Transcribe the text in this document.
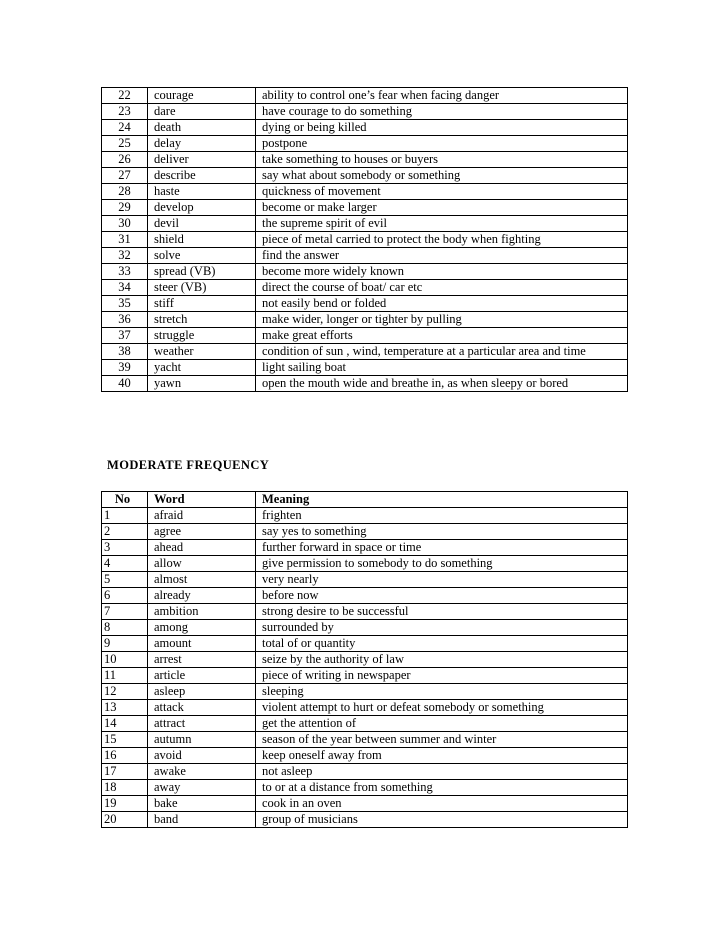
22	courage	ability to control one’s fear when facing danger
23	dare	have courage to do something
24	death	dying or being killed
25	delay	postpone
26	deliver	take something to houses or buyers
27	describe	say what about somebody or something
28	haste	quickness of movement
29	develop	become or make larger
30	devil	the supreme spirit of evil
31	shield	piece of metal carried to protect the body when fighting
32	solve	find the answer
33	spread (VB)	become more widely known
34	steer (VB)	direct the course of boat/ car etc
35	stiff	not easily bend or folded
36	stretch	make wider, longer or tighter by pulling
37	struggle	make great efforts
38	weather	condition of sun , wind, temperature at a particular area and time
39	yacht	light sailing boat
40	yawn	open the mouth wide and breathe in, as when sleepy or bored
MODERATE FREQUENCY
No	Word	Meaning
1	afraid	frighten
2	agree	say yes to something
3	ahead	further forward in space or time
4	allow	give permission to somebody to do something
5	almost	very nearly
6	already	before now
7	ambition	strong desire to be successful
8	among	surrounded by
9	amount	total of or quantity
10	arrest	seize by the authority of law
11	article	piece of writing in newspaper
12	asleep	sleeping
13	attack	violent attempt to hurt or defeat somebody or something
14	attract	get the attention of
15	autumn	season of the year between summer and winter
16	avoid	keep oneself away from
17	awake	not asleep
18	away	to or at a distance from something
19	bake	cook in an oven
20	band	group of musicians
